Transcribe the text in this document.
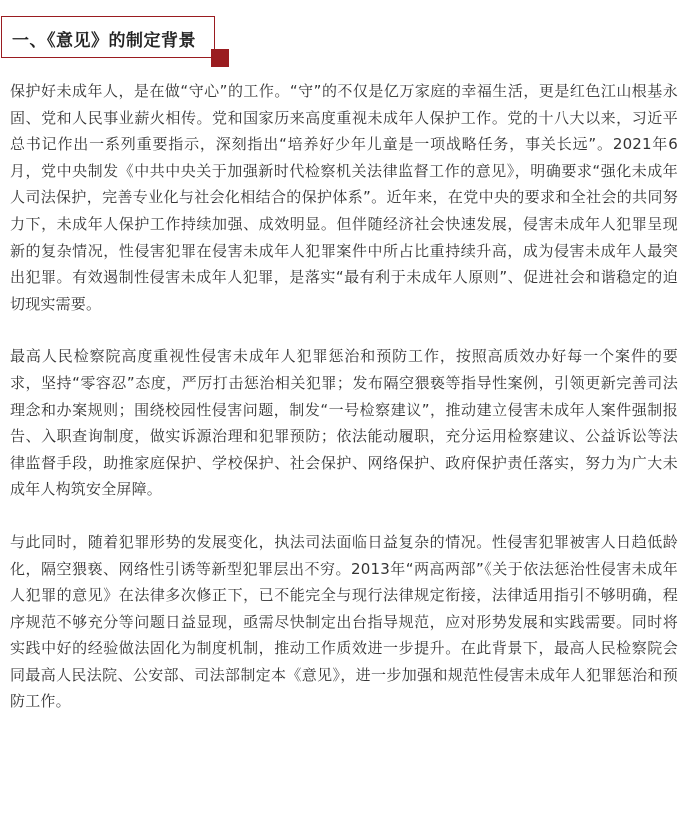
一、《意见》的制定背景

保护好未成年人，是在做“守心”的工作。“守”的不仅是亿万家庭的幸福生活，更是红色江山根基永固、党和人民事业薪火相传。党和国家历来高度重视未成年人保护工作。党的十八大以来，习近平总书记作出一系列重要指示，深刻指出“培养好少年儿童是一项战略任务，事关长远”。2021年6月，党中央制发《中共中央关于加强新时代检察机关法律监督工作的意见》，明确要求“强化未成年人司法保护，完善专业化与社会化相结合的保护体系”。近年来，在党中央的要求和全社会的共同努力下，未成年人保护工作持续加强、成效明显。但伴随经济社会快速发展，侵害未成年人犯罪呈现新的复杂情况，性侵害犯罪在侵害未成年人犯罪案件中所占比重持续升高，成为侵害未成年人最突出犯罪。有效遏制性侵害未成年人犯罪，是落实“最有利于未成年人原则”、促进社会和谐稳定的迫切现实需要。

最高人民检察院高度重视性侵害未成年人犯罪惩治和预防工作，按照高质效办好每一个案件的要求，坚持“零容忍”态度，严厉打击惩治相关犯罪；发布隔空猥亵等指导性案例，引领更新完善司法理念和办案规则；围绕校园性侵害问题，制发“一号检察建议”，推动建立侵害未成年人案件强制报告、入职查询制度，做实诉源治理和犯罪预防；依法能动履职，充分运用检察建议、公益诉讼等法律监督手段，助推家庭保护、学校保护、社会保护、网络保护、政府保护责任落实，努力为广大未成年人构筑安全屏障。

与此同时，随着犯罪形势的发展变化，执法司法面临日益复杂的情况。性侵害犯罪被害人日趋低龄化，隔空猥亵、网络性引诱等新型犯罪层出不穷。2013年“两高两部”《关于依法惩治性侵害未成年人犯罪的意见》在法律多次修正下，已不能完全与现行法律规定衔接，法律适用指引不够明确，程序规范不够充分等问题日益显现，亟需尽快制定出台指导规范，应对形势发展和实践需要。同时将实践中好的经验做法固化为制度机制，推动工作质效进一步提升。在此背景下，最高人民检察院会同最高人民法院、公安部、司法部制定本《意见》，进一步加强和规范性侵害未成年人犯罪惩治和预防工作。
